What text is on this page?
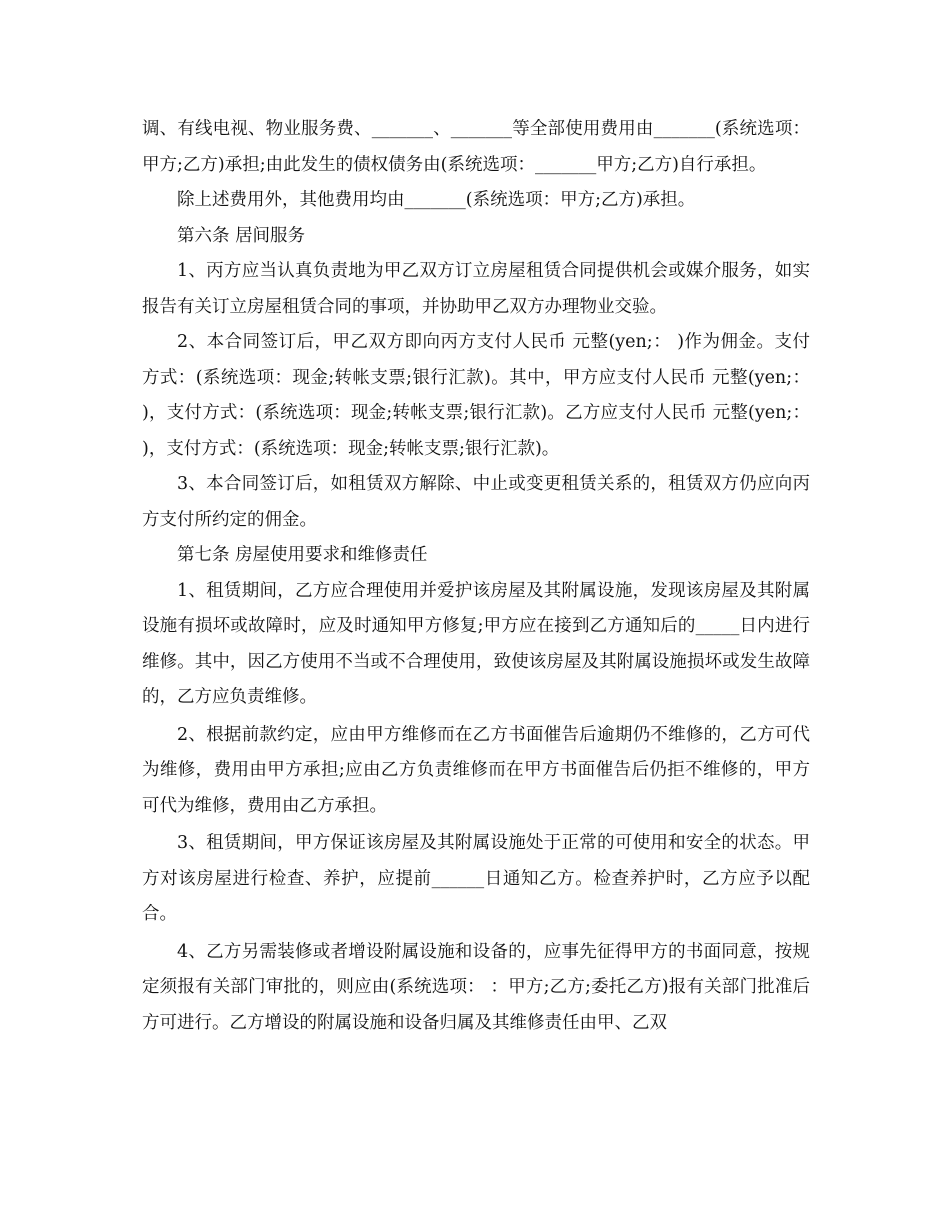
调、有线电视、物业服务费、_______、_______等全部使用费用由_______(系统选项：甲方;乙方)承担;由此发生的债权债务由(系统选项：_______甲方;乙方)自行承担。

除上述费用外，其他费用均由_______(系统选项：甲方;乙方)承担。

第六条 居间服务

1、丙方应当认真负责地为甲乙双方订立房屋租赁合同提供机会或媒介服务，如实报告有关订立房屋租赁合同的事项，并协助甲乙双方办理物业交验。

2、本合同签订后，甲乙双方即向丙方支付人民币 元整(yen;： )作为佣金。支付方式：(系统选项：现金;转帐支票;银行汇款)。其中，甲方应支付人民币 元整(yen;： )，支付方式：(系统选项：现金;转帐支票;银行汇款)。乙方应支付人民币 元整(yen;： )，支付方式：(系统选项：现金;转帐支票;银行汇款)。

3、本合同签订后，如租赁双方解除、中止或变更租赁关系的，租赁双方仍应向丙方支付所约定的佣金。

第七条 房屋使用要求和维修责任

1、租赁期间，乙方应合理使用并爱护该房屋及其附属设施，发现该房屋及其附属设施有损坏或故障时，应及时通知甲方修复;甲方应在接到乙方通知后的_____日内进行维修。其中，因乙方使用不当或不合理使用，致使该房屋及其附属设施损坏或发生故障的，乙方应负责维修。

2、根据前款约定，应由甲方维修而在乙方书面催告后逾期仍不维修的，乙方可代为维修，费用由甲方承担;应由乙方负责维修而在甲方书面催告后仍拒不维修的，甲方可代为维修，费用由乙方承担。

3、租赁期间，甲方保证该房屋及其附属设施处于正常的可使用和安全的状态。甲方对该房屋进行检查、养护，应提前______日通知乙方。检查养护时，乙方应予以配合。

4、乙方另需装修或者增设附属设施和设备的，应事先征得甲方的书面同意，按规定须报有关部门审批的，则应由(系统选项： ：甲方;乙方;委托乙方)报有关部门批准后方可进行。乙方增设的附属设施和设备归属及其维修责任由甲、乙双
